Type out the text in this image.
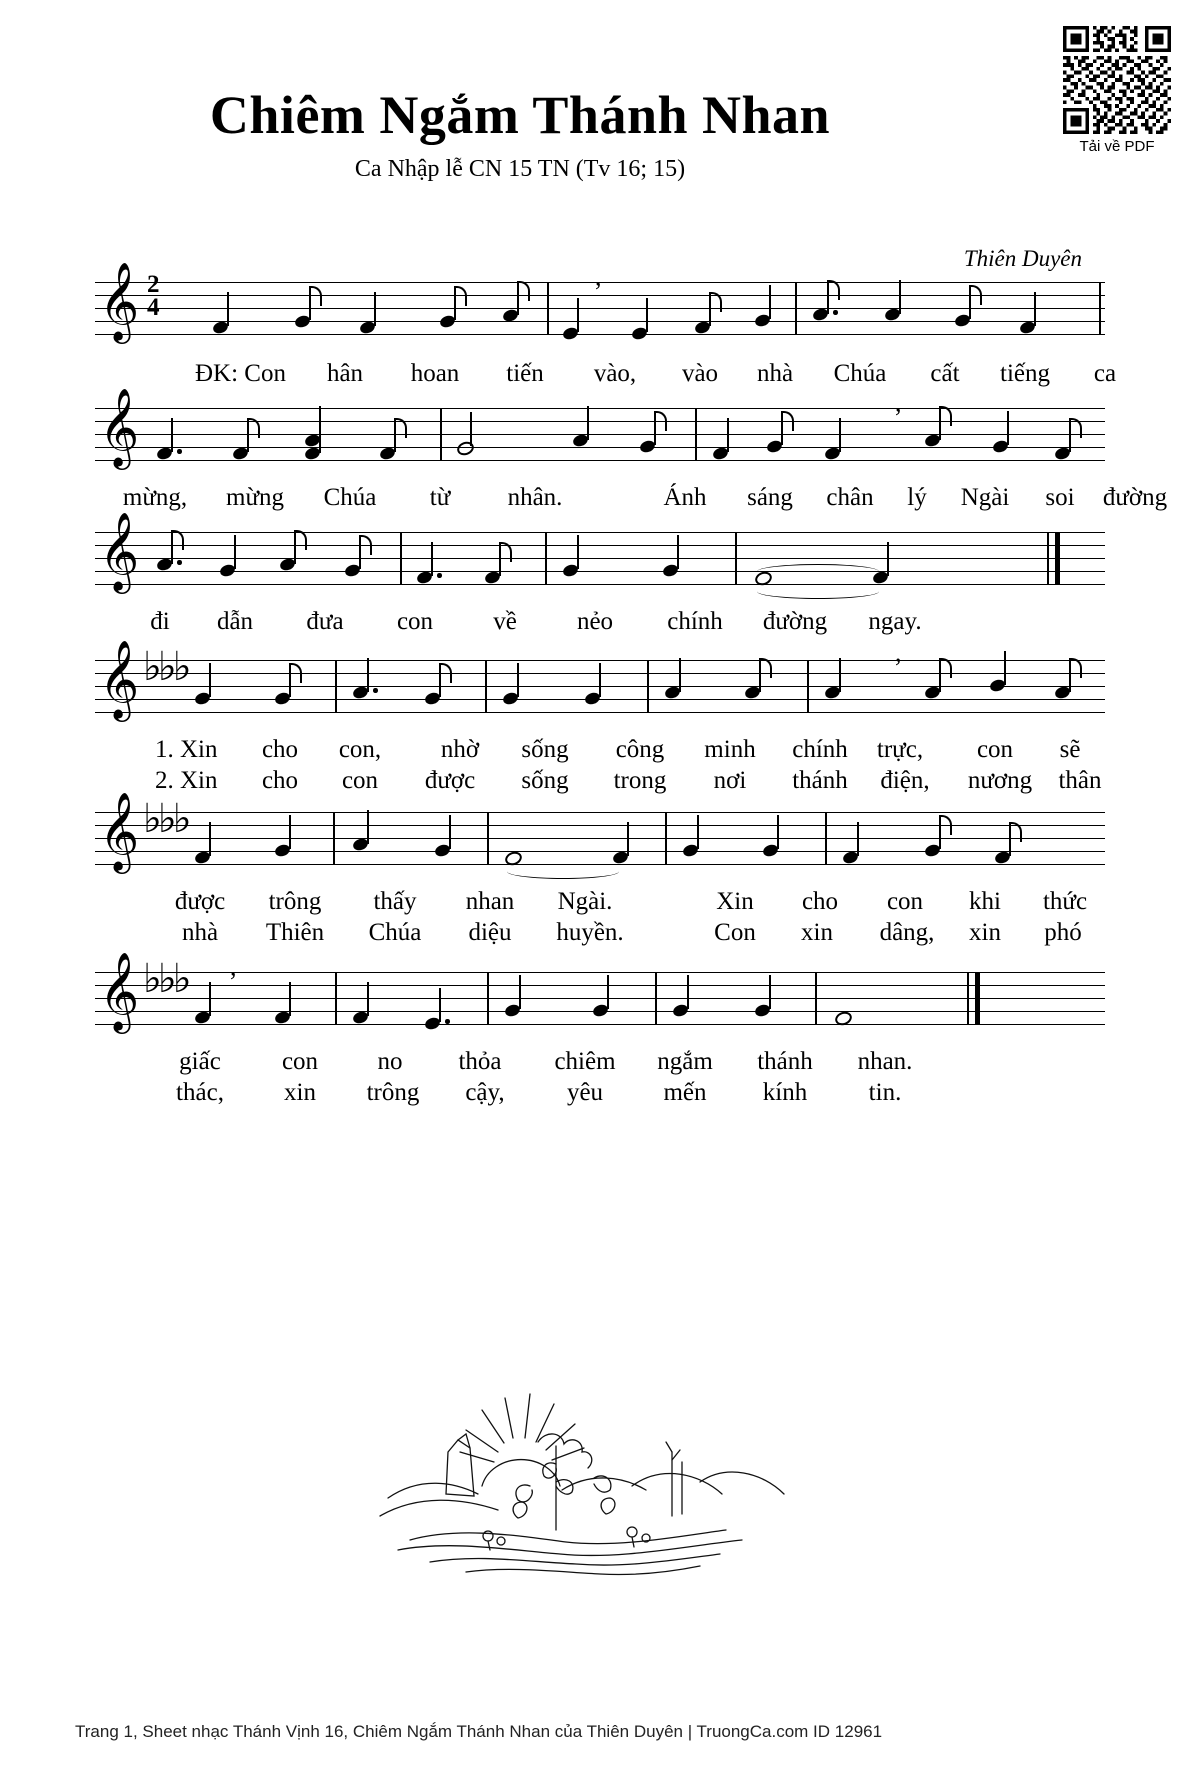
Tải về PDF
Chiêm Ngắm Thánh Nhan
Ca Nhập lễ CN 15 TN (Tv 16; 15)
Thiên Duyên
𝄞 2
4
,
ĐK: Con hân hoan tiến vào, vào nhà Chúa cất tiếng ca
𝄞	,
mừng, mừng Chúa từ nhân.	Ánh sáng chân lý Ngài soi đường
𝄞
đi dẫn đưa con về nẻo chính đường ngay.
𝄞 ♭♭♭	,
1. Xin cho con, nhờ sống công minh chính trực, con sẽ
2. Xin cho con được sống trong nơi thánh điện, nương thân
𝄞 ♭♭♭
được trông thấy nhan Ngài.	Xin cho con khi thức
nhà Thiên Chúa diệu huyền.	Con xin dâng, xin phó
𝄞 ♭♭♭ ,
giấc con no thỏa chiêm ngắm thánh nhan.
thác, xin trông cậy, yêu mến kính tin.
Trang 1, Sheet nhạc Thánh Vịnh 16, Chiêm Ngắm Thánh Nhan của Thiên Duyên | TruongCa.com ID 12961
